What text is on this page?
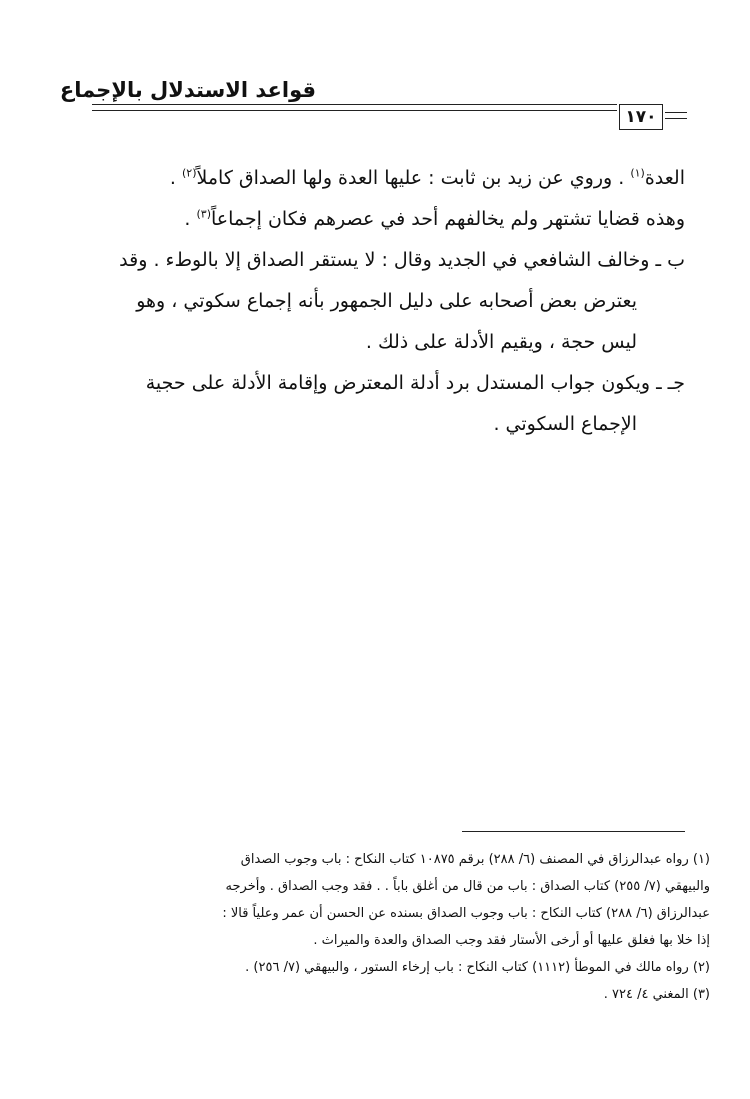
قواعد الاستدلال بالإجماع
١٧٠
العدة$^{(١)}$ . وروي عن زيد بن ثابت : عليها العدة ولها الصداق كاملاً$^{(٢)}$ .
وهذه قضايا تشتهر ولم يخالفهم أحد في عصرهم فكان إجماعاً$^{(٣)}$ .
ب ـ وخالف الشافعي في الجديد وقال : لا يستقر الصداق إلا بالوطء . وقد
يعترض بعض أصحابه على دليل الجمهور بأنه إجماع سكوتي ، وهو
ليس حجة ، ويقيم الأدلة على ذلك .
جـ ـ ويكون جواب المستدل برد أدلة المعترض وإقامة الأدلة على حجية
الإجماع السكوتي .
(١) رواه عبدالرزاق في المصنف (٦/ ٢٨٨) برقم ١٠٨٧٥ كتاب النكاح : باب وجوب الصداق
والبيهقي (٧/ ٢٥٥) كتاب الصداق : باب من قال من أغلق باباً . . فقد وجب الصداق . وأخرجه
عبدالرزاق (٦/ ٢٨٨) كتاب النكاح : باب وجوب الصداق بسنده عن الحسن أن عمر وعلياً قالا :
إذا خلا بها فغلق عليها أو أرخى الأستار فقد وجب الصداق والعدة والميراث .
(٢) رواه مالك في الموطأ (١١١٢) كتاب النكاح : باب إرخاء الستور ، والبيهقي (٧/ ٢٥٦) .
(٣) المغني ٤/ ٧٢٤ .
